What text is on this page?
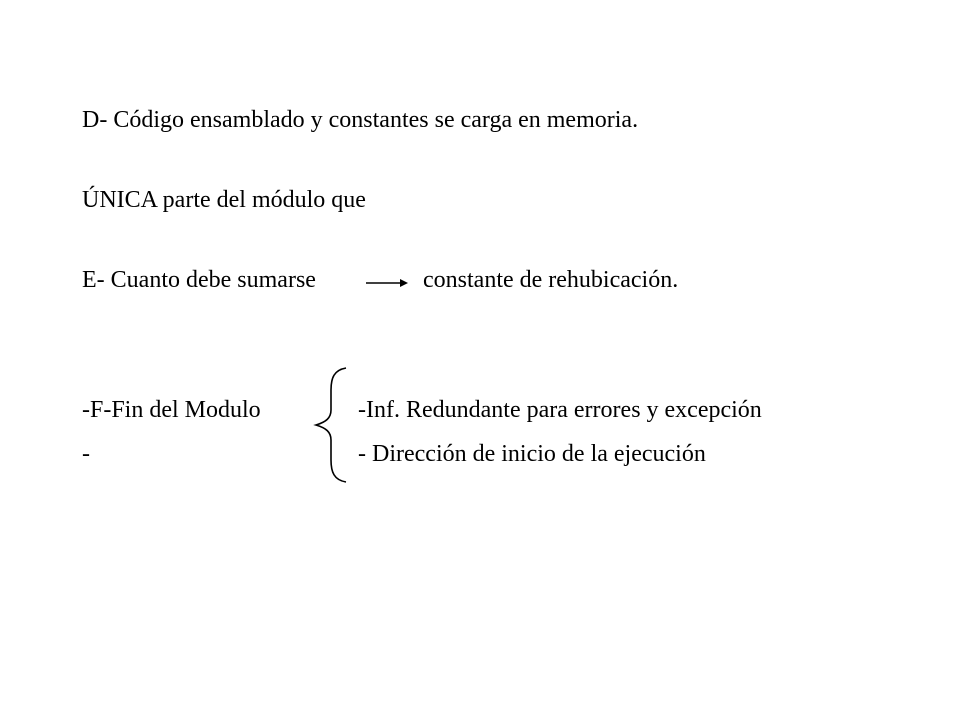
D- Código ensamblado y constantes se carga en memoria.
ÚNICA parte del módulo que
E- Cuanto debe sumarse	constante de rehubicación.
-F-Fin del Modulo	-Inf. Redundante para errores y excepción
-	- Dirección de inicio de la ejecución
